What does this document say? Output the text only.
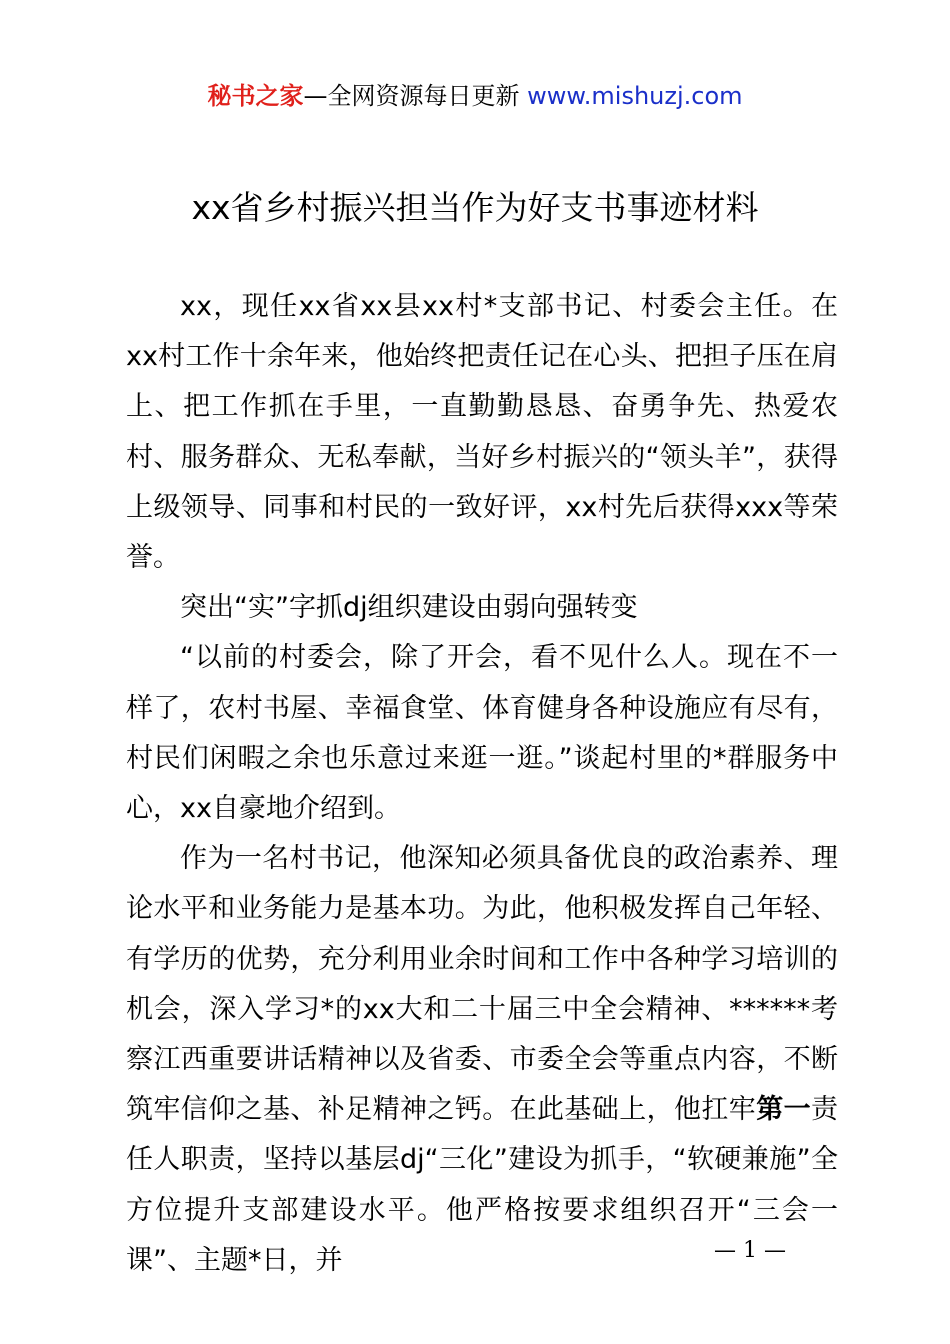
秘书之家—全网资源每日更新 www.mishuzj.com
xx省乡村振兴担当作为好支书事迹材料

xx，现任xx省xx县xx村*支部书记、村委会主任。在xx村工作十余年来，他始终把责任记在心头、把担子压在肩上、把工作抓在手里，一直勤勤恳恳、奋勇争先、热爱农村、服务群众、无私奉献，当好乡村振兴的“领头羊”，获得上级领导、同事和村民的一致好评，xx村先后获得xxx等荣誉。

突出“实”字抓dj组织建设由弱向强转变

“以前的村委会，除了开会，看不见什么人。现在不一样了，农村书屋、幸福食堂、体育健身各种设施应有尽有，村民们闲暇之余也乐意过来逛一逛。”谈起村里的*群服务中心，xx自豪地介绍到。

作为一名村书记，他深知必须具备优良的政治素养、理论水平和业务能力是基本功。为此，他积极发挥自己年轻、有学历的优势，充分利用业余时间和工作中各种学习培训的机会，深入学习*的xx大和二十届三中全会精神、******考察江西重要讲话精神以及省委、市委全会等重点内容，不断筑牢信仰之基、补足精神之钙。在此基础上，他扛牢第一责任人职责，坚持以基层dj“三化”建设为抓手，“软硬兼施”全方位提升支部建设水平。他严格按要求组织召开“三会一课”、主题*日，并	— 1 —
